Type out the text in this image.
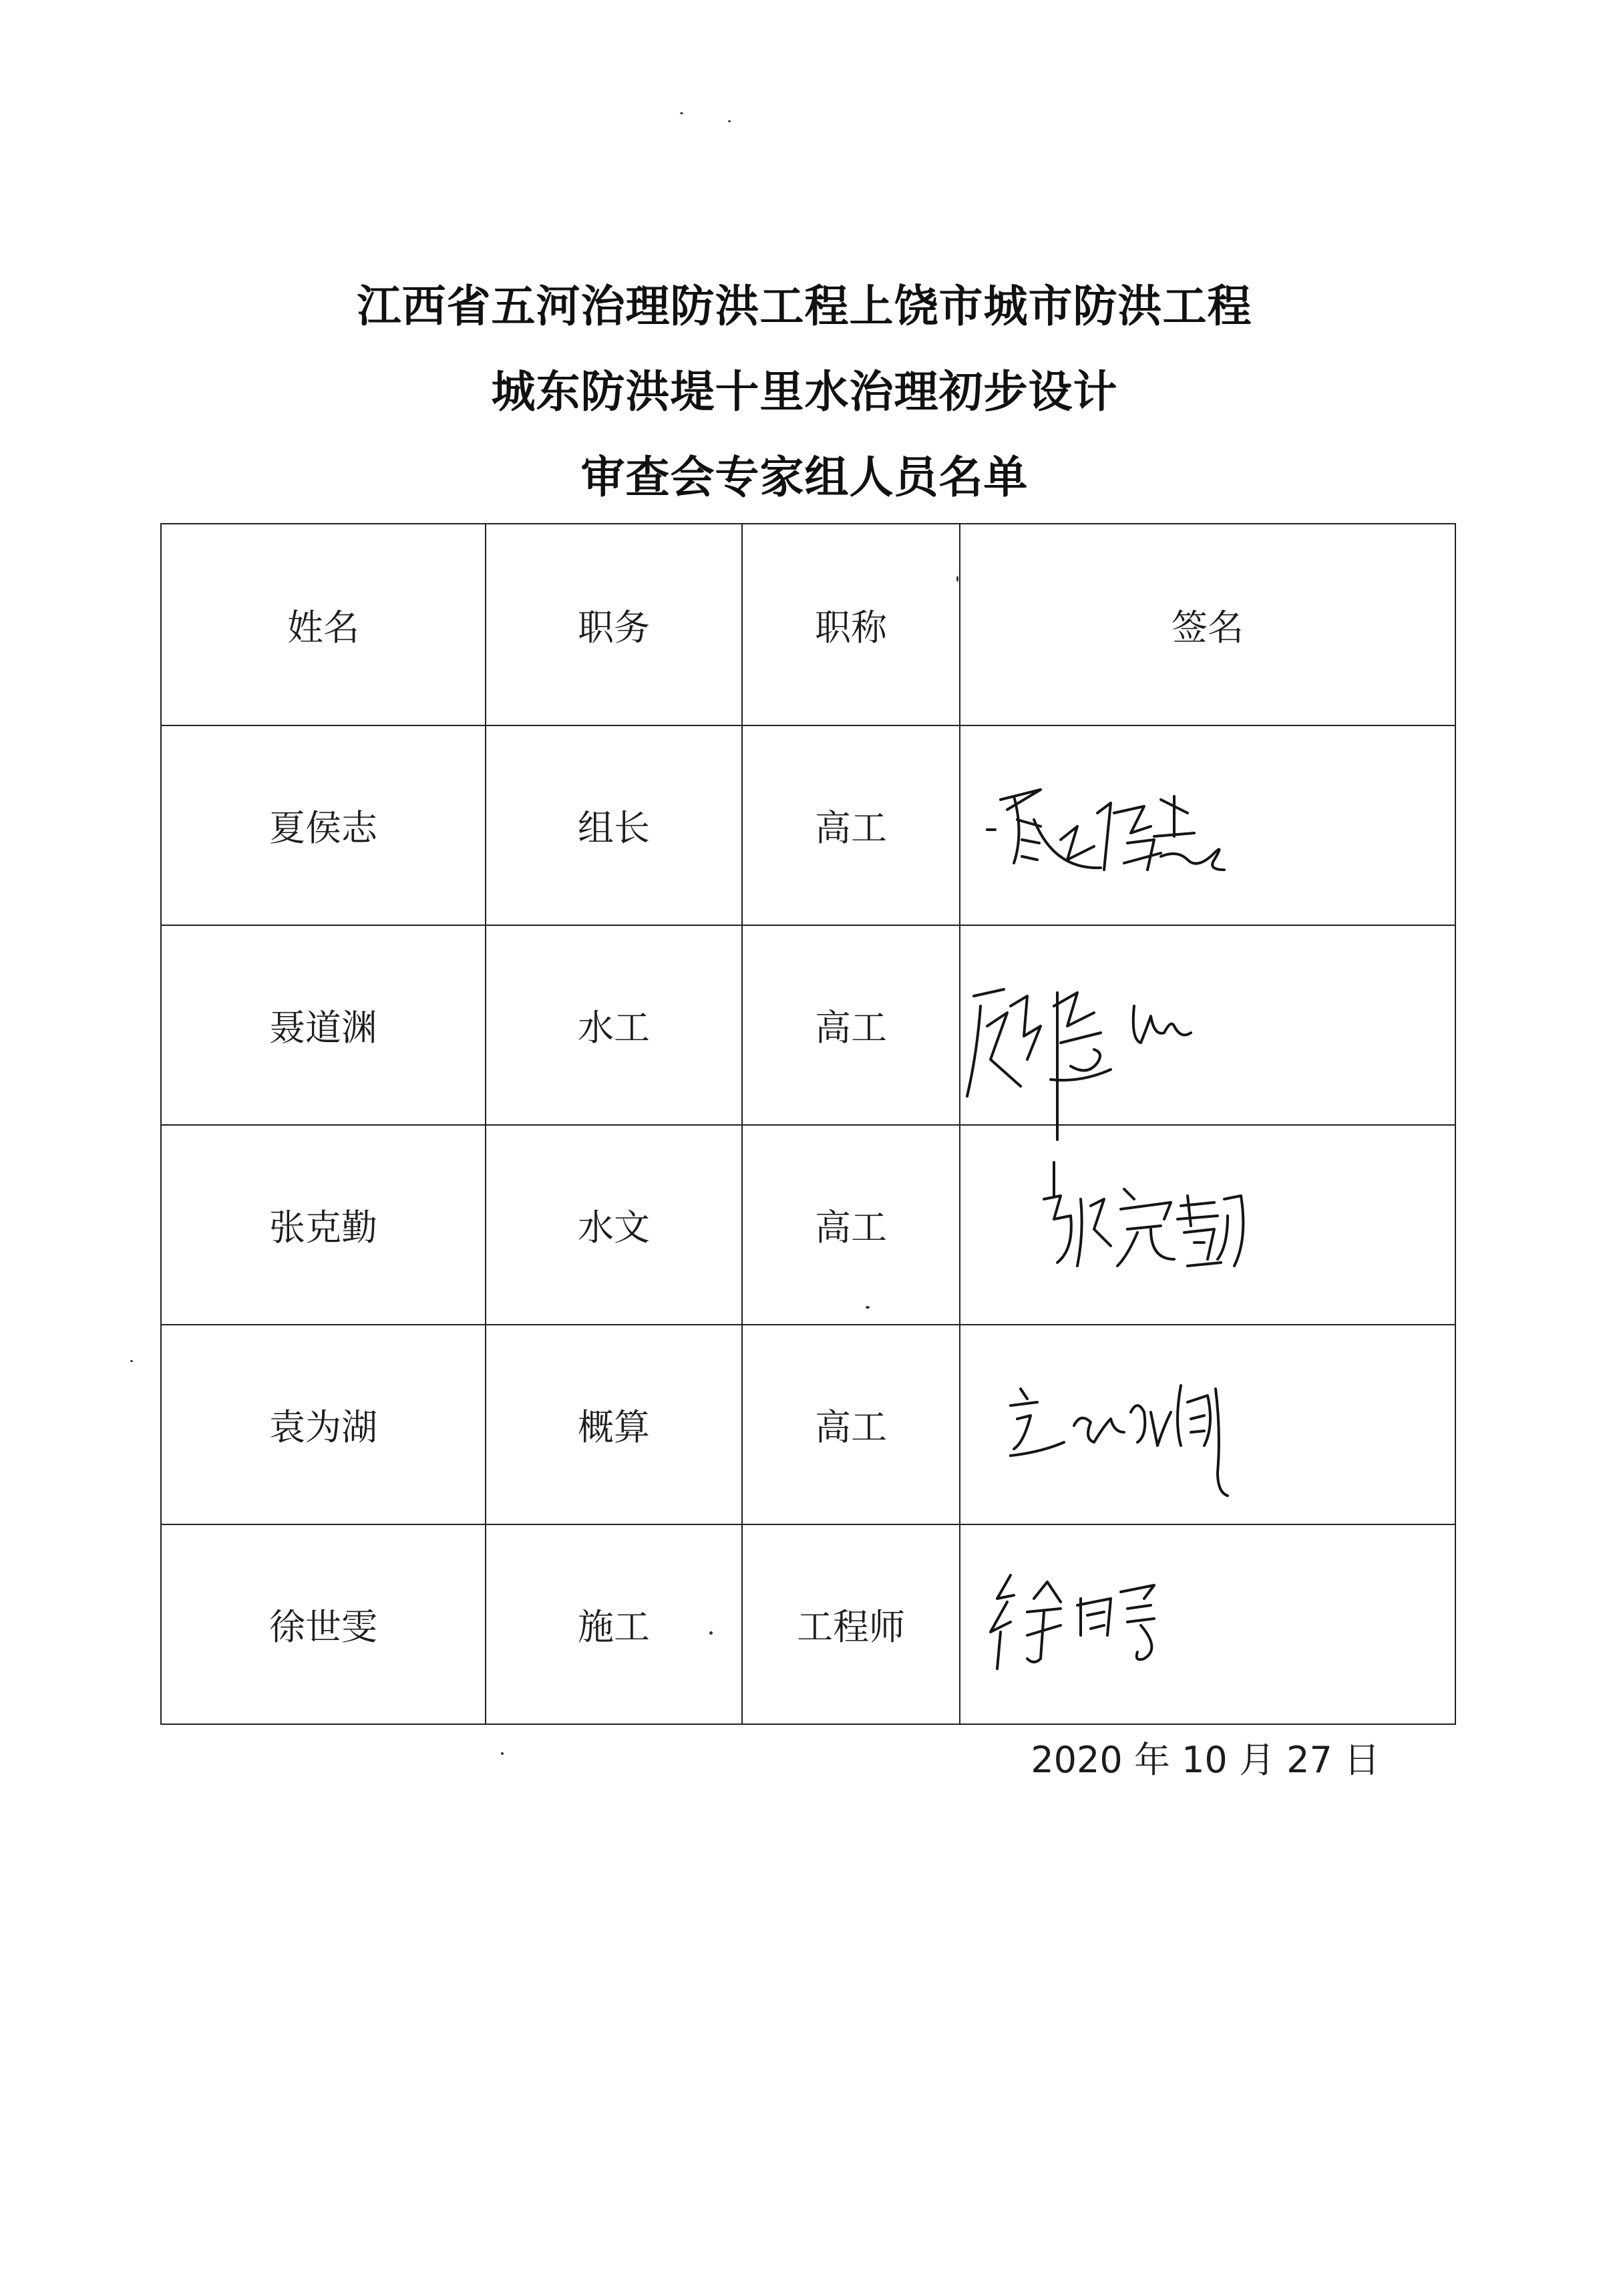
江西省五河治理防洪工程上饶市城市防洪工程
城东防洪堤十里水治理初步设计
审查会专家组人员名单
姓名	职务	职称	签名
夏侯志	组长	高工	

聂道渊	水工	高工	

张克勤	水文	高工	

袁为湖	概算	高工	

徐世雯	施工	工程师	
2020 年 10 月 27 日
